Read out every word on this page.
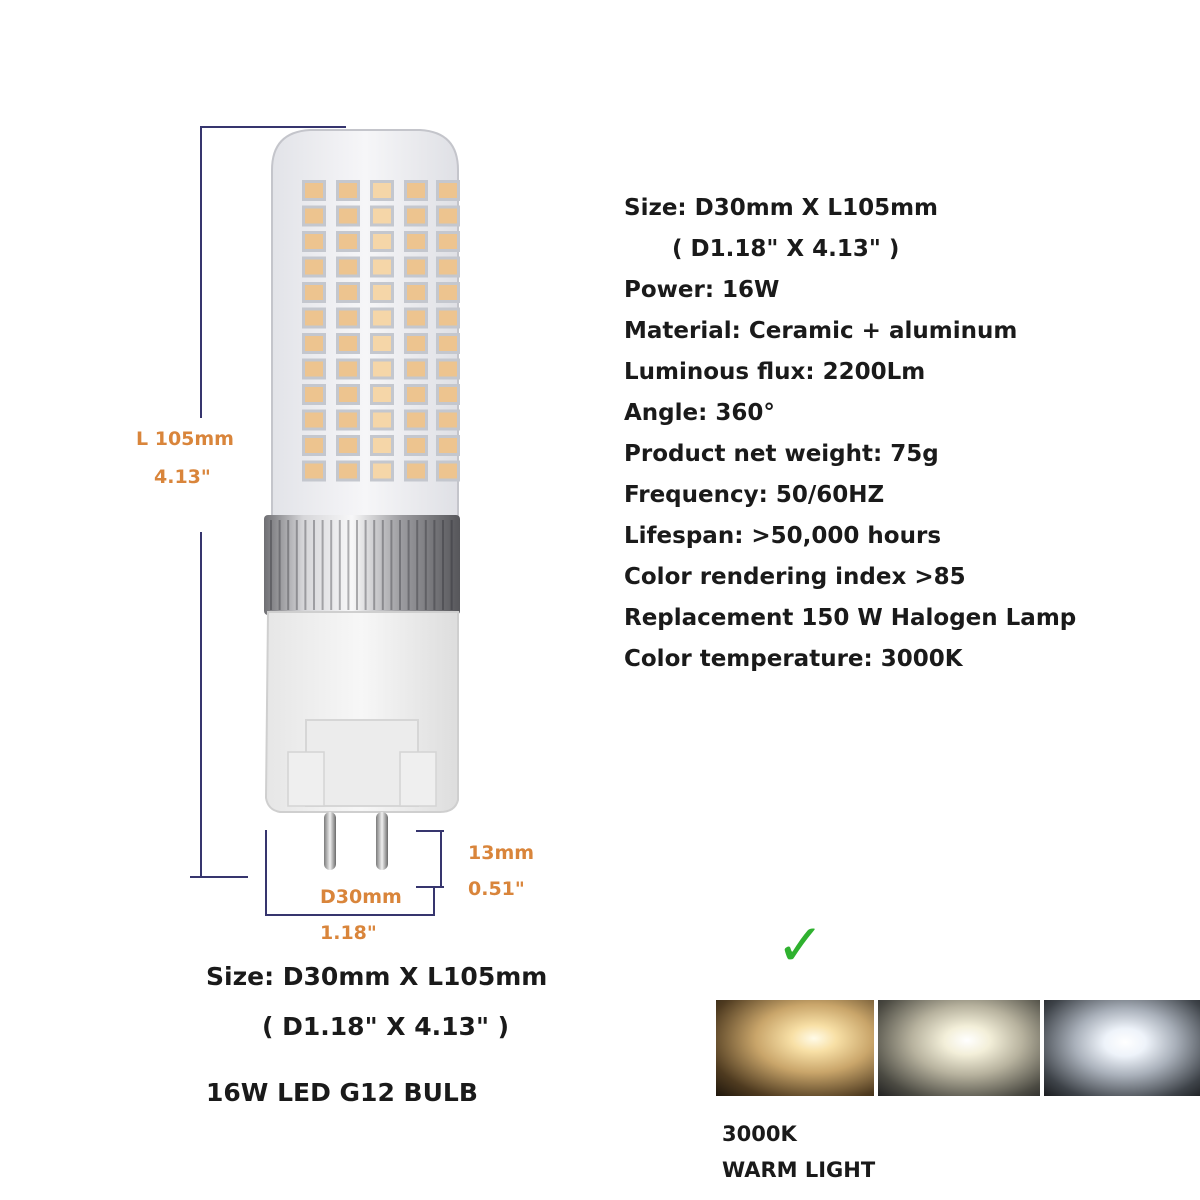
L 105mm
4.13"
D30mm
1.18"
13mm
0.51"
Size: D30mm X L105mm
( D1.18" X 4.13" )
Power: 16W
Material: Ceramic + aluminum
Luminous flux: 2200Lm
Angle: 360°
Product net weight: 75g
Frequency: 50/60HZ
Lifespan: >50,000 hours
Color rendering index >85
Replacement 150 W Halogen Lamp
Color temperature: 3000K
Size: D30mm X L105mm
( D1.18" X 4.13" )
16W LED G12 BULB
✓
3000K
WARM LIGHT
